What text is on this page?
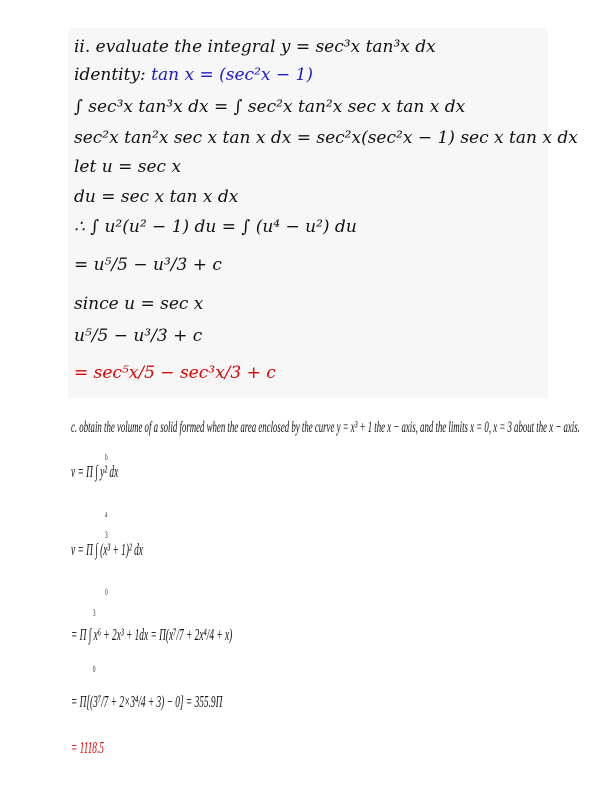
ii. evaluate the integral y = sec³x tan³x dx
identity: tan x = (sec²x − 1)
∫ sec³x tan³x dx = ∫ sec²x tan²x sec x tan x dx
sec²x tan²x sec x tan x dx = sec²x(sec²x − 1) sec x tan x dx
let u = sec x
du = sec x tan x dx
∴ ∫ u²(u² − 1) du = ∫ (u⁴ − u²) du
= u⁵/5 − u³/3 + c
since u = sec x
u⁵/5 − u³/3 + c
= sec⁵x/5 − sec³x/3 + c
c. obtain the volume of a solid formed when the area enclosed by the curve y = x³ + 1 the x − axis, and the limits x = 0, x = 3 about the x − axis.
b
a
v = Π ∫ y² dx
3
0
v = Π ∫ (x³ + 1)² dx
3
0
= Π ∫ x⁶ + 2x³ + 1dx = Π(x⁷/7 + 2x⁴/4 + x)
= Π[(3⁷/7 + 2×3⁴/4 + 3) − 0] = 355.9Π
= 1118.5
